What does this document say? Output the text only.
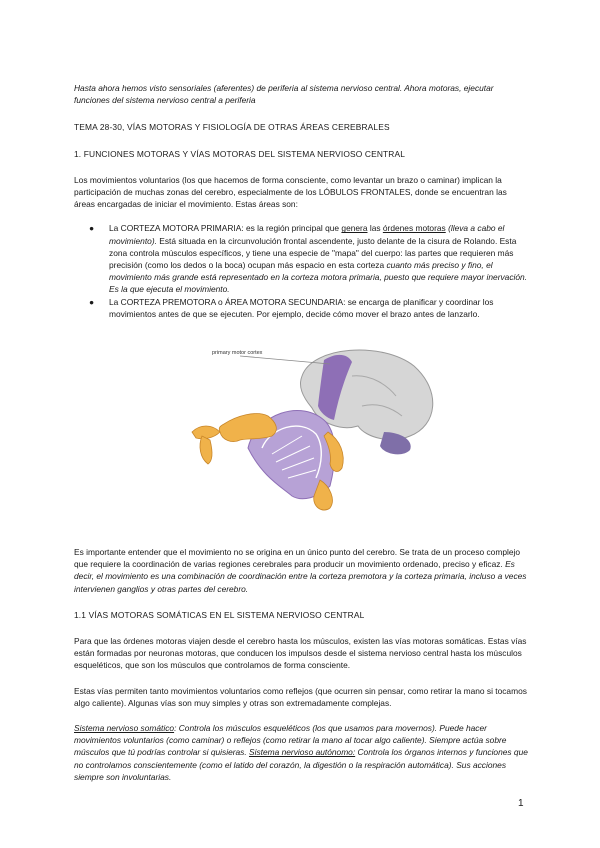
Hasta ahora hemos visto sensoriales (aferentes) de periferia al sistema nervioso central. Ahora motoras, ejecutar funciones del sistema nervioso central a periferia

TEMA 28-30, VÍAS MOTORAS Y FISIOLOGÍA DE OTRAS ÁREAS CEREBRALES

1. FUNCIONES MOTORAS Y VÍAS MOTORAS DEL SISTEMA NERVIOSO CENTRAL

Los movimientos voluntarios (los que hacemos de forma consciente, como levantar un brazo o caminar) implican la participación de muchas zonas del cerebro, especialmente de los LÓBULOS FRONTALES, donde se encuentran las áreas encargadas de iniciar el movimiento. Estas áreas son:

● La CORTEZA MOTORA PRIMARIA: es la región principal que genera las órdenes motoras (lleva a cabo el movimiento). Está situada en la circunvolución frontal ascendente, justo delante de la cisura de Rolando. Esta zona controla músculos específicos, y tiene una especie de "mapa" del cuerpo: las partes que requieren más precisión (como los dedos o la boca) ocupan más espacio en esta corteza cuanto más preciso y fino, el movimiento más grande está representado en la corteza motora primaria, puesto que requiere mayor inervación. Es la que ejecuta el movimiento.
● La CORTEZA PREMOTORA o ÁREA MOTORA SECUNDARIA: se encarga de planificar y coordinar los movimientos antes de que se ejecuten. Por ejemplo, decide cómo mover el brazo antes de lanzarlo.
primary motor cortex

Es importante entender que el movimiento no se origina en un único punto del cerebro. Se trata de un proceso complejo que requiere la coordinación de varias regiones cerebrales para producir un movimiento ordenado, preciso y eficaz. Es decir, el movimiento es una combinación de coordinación entre la corteza premotora y la corteza primaria, incluso a veces intervienen ganglios y otras partes del cerebro.

1.1 VÍAS MOTORAS SOMÁTICAS EN EL SISTEMA NERVIOSO CENTRAL

Para que las órdenes motoras viajen desde el cerebro hasta los músculos, existen las vías motoras somáticas. Estas vías están formadas por neuronas motoras, que conducen los impulsos desde el sistema nervioso central hasta los músculos esqueléticos, que son los músculos que controlamos de forma consciente.

Estas vías permiten tanto movimientos voluntarios como reflejos (que ocurren sin pensar, como retirar la mano si tocamos algo caliente). Algunas vías son muy simples y otras son extremadamente complejas.

Sistema nervioso somático: Controla los músculos esqueléticos (los que usamos para movernos). Puede hacer movimientos voluntarios (como caminar) o reflejos (como retirar la mano al tocar algo caliente). Siempre actúa sobre músculos que tú podrías controlar si quisieras. Sistema nervioso autónomo: Controla los órganos internos y funciones que no controlamos conscientemente (como el latido del corazón, la digestión o la respiración automática). Sus acciones siempre son involuntarias.

1
